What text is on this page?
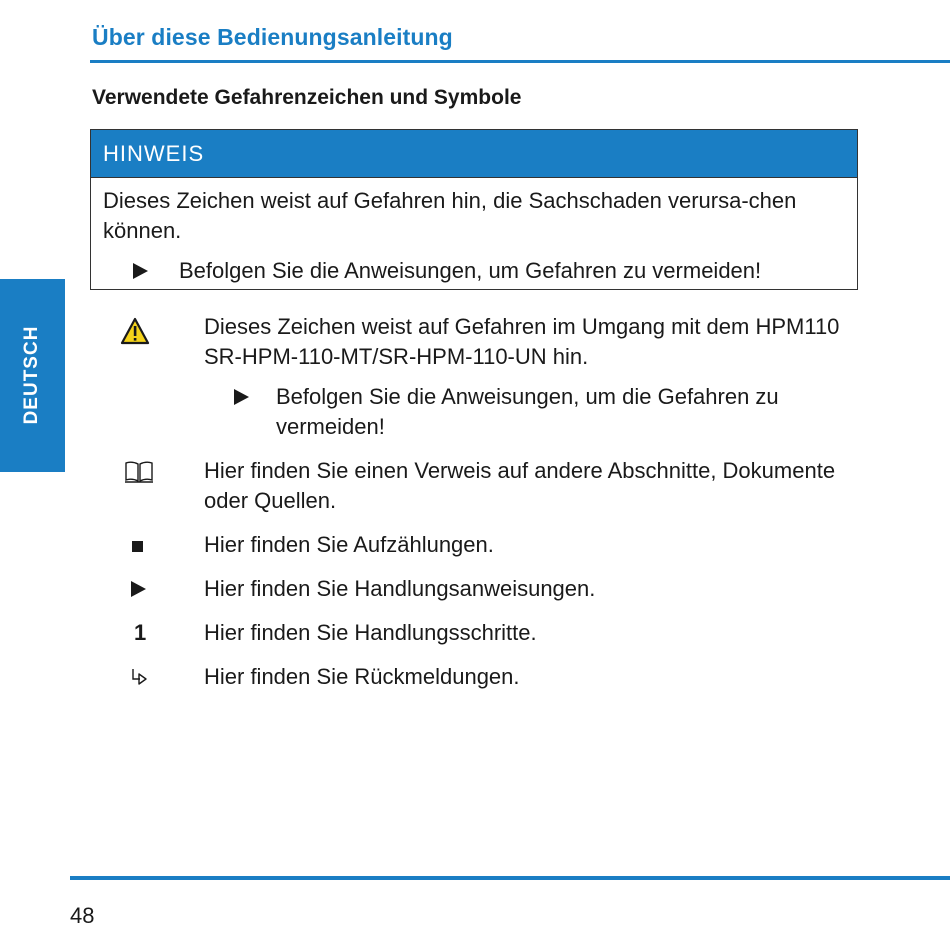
Über diese Bedienungsanleitung
Verwendete Gefahrenzeichen und Symbole
DEUTSCH
HINWEIS

Dieses Zeichen weist auf Gefahren hin, die Sachschaden verursa-chen können.

Befolgen Sie die Anweisungen, um Gefahren zu vermeiden!
Dieses Zeichen weist auf Gefahren im Umgang mit dem HPM110 SR-HPM-110-MT/SR-HPM-110-UN hin.
Befolgen Sie die Anweisungen, um die Gefahren zu vermeiden!
Hier finden Sie einen Verweis auf andere Abschnitte, Dokumente oder Quellen.
Hier finden Sie Aufzählungen.
Hier finden Sie Handlungsanweisungen.
1	Hier finden Sie Handlungsschritte.
Hier finden Sie Rückmeldungen.
48
